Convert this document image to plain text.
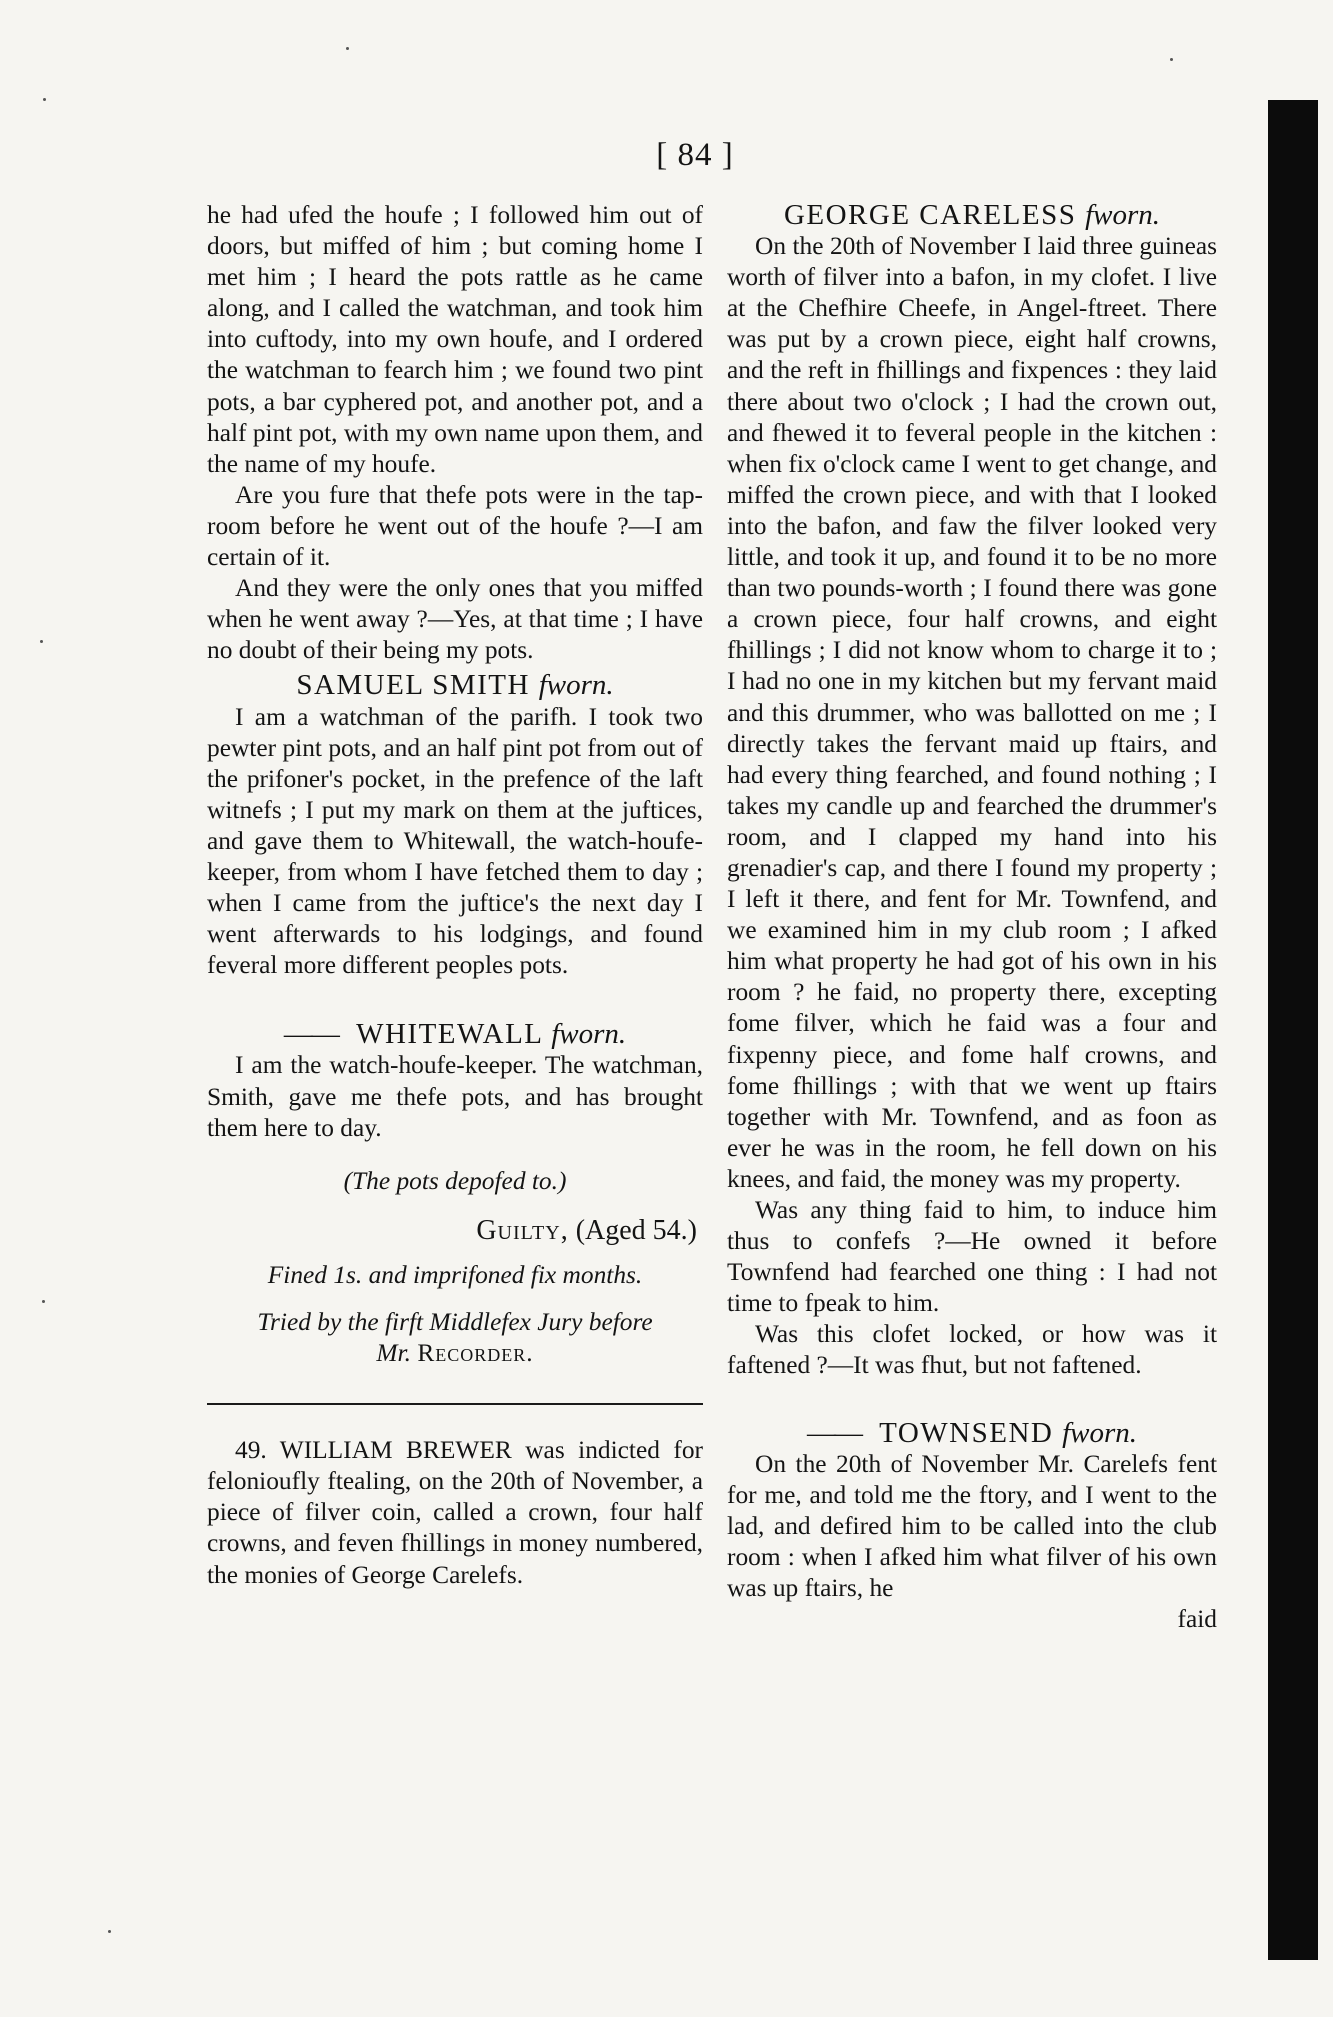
[ 84 ]

he had ufed the houfe ; I followed him out of doors, but miffed of him ; but coming home I met him ; I heard the pots rattle as he came along, and I called the watchman, and took him into cuftody, into my own houfe, and I ordered the watchman to fearch him ; we found two pint pots, a bar cyphered pot, and another pot, and a half pint pot, with my own name upon them, and the name of my houfe.

Are you fure that thefe pots were in the tap-room before he went out of the houfe ?—I am certain of it.

And they were the only ones that you miffed when he went away ?—Yes, at that time ; I have no doubt of their being my pots.

SAMUEL SMITH fworn.

I am a watchman of the parifh. I took two pewter pint pots, and an half pint pot from out of the prifoner's pocket, in the prefence of the laft witnefs ; I put my mark on them at the juftices, and gave them to Whitewall, the watch-houfe-keeper, from whom I have fetched them to day ; when I came from the juftice's the next day I went afterwards to his lodgings, and found feveral more different peoples pots.

—— WHITEWALL fworn.

I am the watch-houfe-keeper. The watchman, Smith, gave me thefe pots, and has brought them here to day.

(The pots depofed to.)

Guilty, (Aged 54.)

Fined 1s. and imprifoned fix months.

Tried by the firft Middlefex Jury before

Mr. Recorder.

49. WILLIAM BREWER was indicted for felonioufly ftealing, on the 20th of November, a piece of filver coin, called a crown, four half crowns, and feven fhillings in money numbered, the monies of George Carelefs.

GEORGE CARELESS fworn.

On the 20th of November I laid three guineas worth of filver into a bafon, in my clofet. I live at the Chefhire Cheefe, in Angel-ftreet. There was put by a crown piece, eight half crowns, and the reft in fhillings and fixpences : they laid there about two o'clock ; I had the crown out, and fhewed it to feveral people in the kitchen : when fix o'clock came I went to get change, and miffed the crown piece, and with that I looked into the bafon, and faw the filver looked very little, and took it up, and found it to be no more than two pounds-worth ; I found there was gone a crown piece, four half crowns, and eight fhillings ; I did not know whom to charge it to ; I had no one in my kitchen but my fervant maid and this drummer, who was ballotted on me ; I directly takes the fervant maid up ftairs, and had every thing fearched, and found nothing ; I takes my candle up and fearched the drummer's room, and I clapped my hand into his grenadier's cap, and there I found my property ; I left it there, and fent for Mr. Townfend, and we examined him in my club room ; I afked him what property he had got of his own in his room ? he faid, no property there, excepting fome filver, which he faid was a four and fixpenny piece, and fome half crowns, and fome fhillings ; with that we went up ftairs together with Mr. Townfend, and as foon as ever he was in the room, he fell down on his knees, and faid, the money was my property.

Was any thing faid to him, to induce him thus to confefs ?—He owned it before Townfend had fearched one thing : I had not time to fpeak to him.

Was this clofet locked, or how was it faftened ?—It was fhut, but not faftened.

—— TOWNSEND fworn.

On the 20th of November Mr. Carelefs fent for me, and told me the ftory, and I went to the lad, and defired him to be called into the club room : when I afked him what filver of his own was up ftairs, he

faid
